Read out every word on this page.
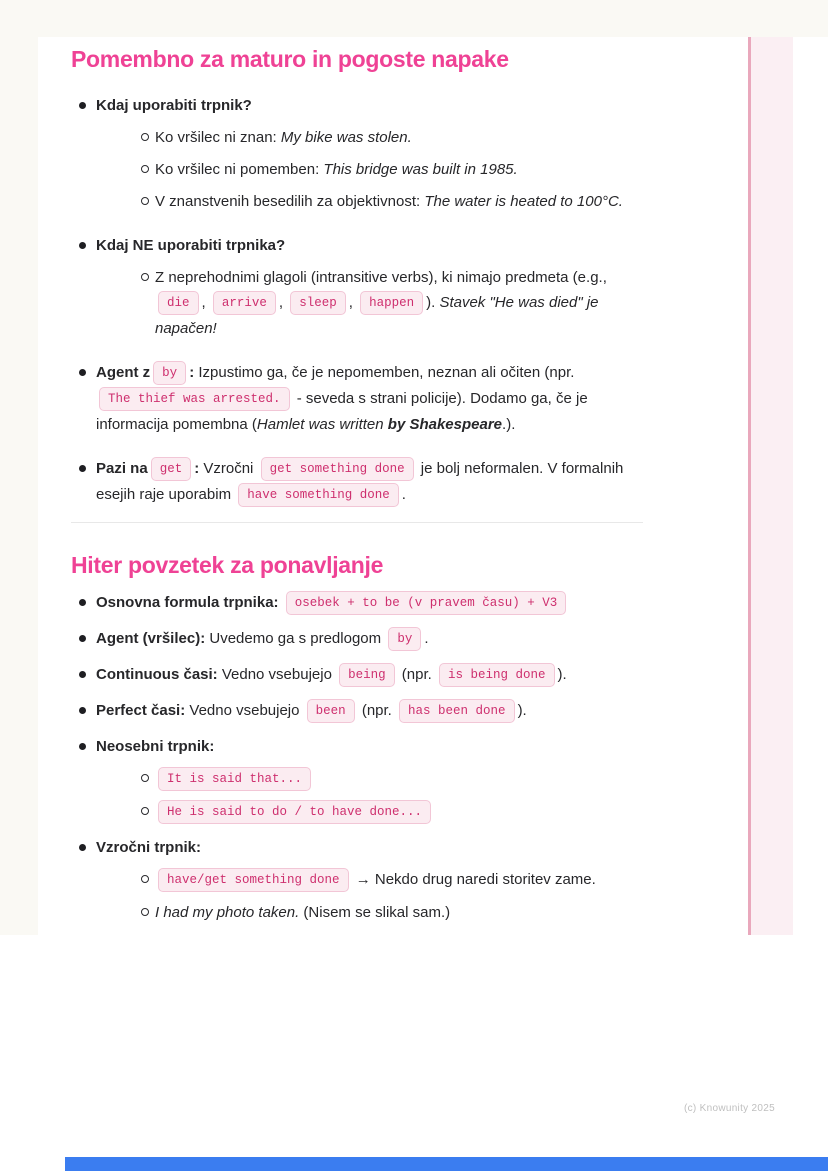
Pomembno za maturo in pogoste napake
Kdaj uporabiti trpnik?
Ko vršilec ni znan: My bike was stolen.
Ko vršilec ni pomemben: This bridge was built in 1985.
V znanstvenih besedilih za objektivnost: The water is heated to 100°C.
Kdaj NE uporabiti trpnika?
Z neprehodnimi glagoli (intransitive verbs), ki nimajo predmeta (e.g., die , arrive , sleep , happen ). Stavek "He was died" je napačen!
Agent z by : Izpustimo ga, če je nepomemben, neznan ali očiten (npr. The thief was arrested. - seveda s strani policije). Dodamo ga, če je informacija pomembna (Hamlet was written by Shakespeare.).
Pazi na get : Vzročni get something done je bolj neformalen. V formalnih esejih raje uporabim have something done .
Hiter povzetek za ponavljanje
Osnovna formula trpnika: osebek + to be (v pravem času) + V3
Agent (vršilec): Uvedemo ga s predlogom by .
Continuous časi: Vedno vsebujejo being (npr. is being done ).
Perfect časi: Vedno vsebujejo been (npr. has been done ).
Neosebni trpnik:
It is said that...
He is said to do / to have done...
Vzročni trpnik:
have/get something done → Nekdo drug naredi storitev zame.
I had my photo taken. (Nisem se slikal sam.)
(c) Knowunity 2025
